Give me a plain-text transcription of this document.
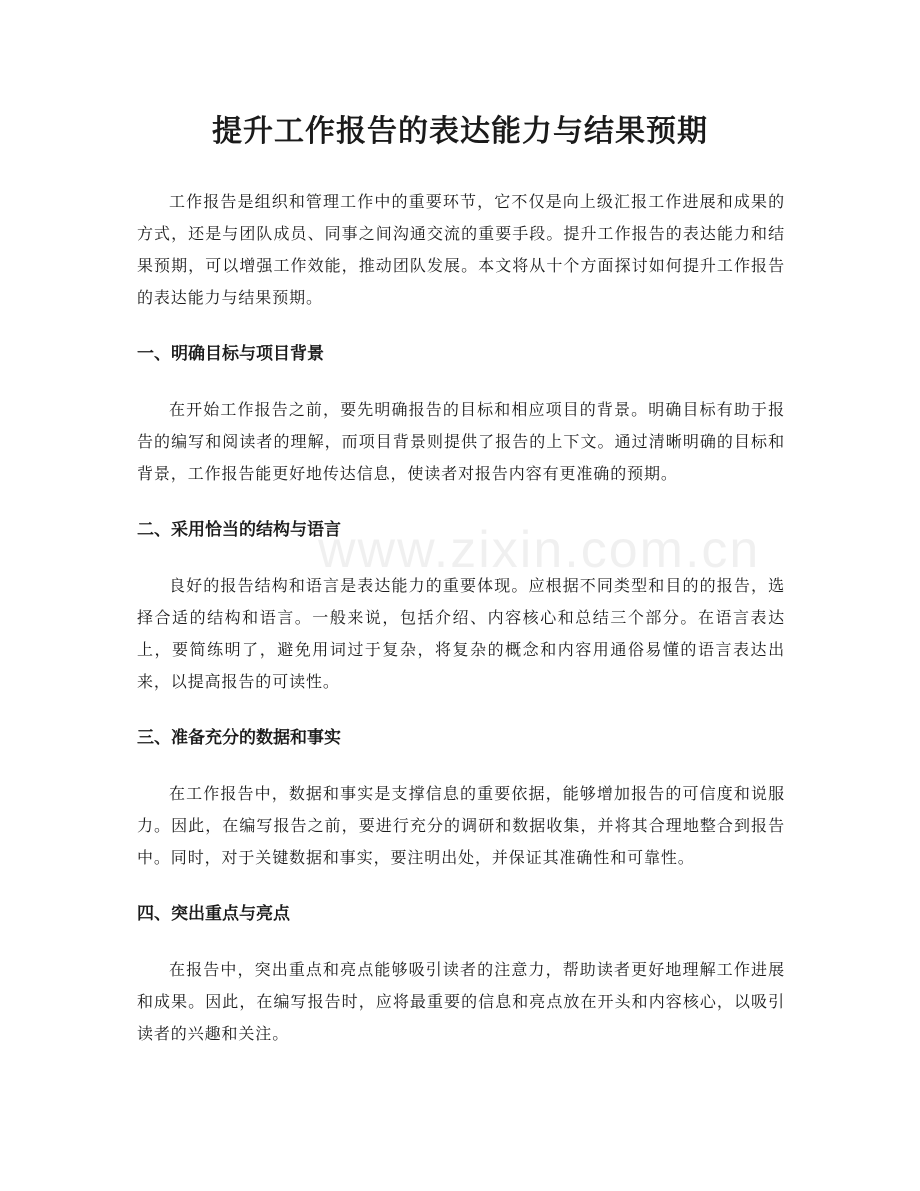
提升工作报告的表达能力与结果预期

工作报告是组织和管理工作中的重要环节，它不仅是向上级汇报工作进展和成果的方式，还是与团队成员、同事之间沟通交流的重要手段。提升工作报告的表达能力和结果预期，可以增强工作效能，推动团队发展。本文将从十个方面探讨如何提升工作报告的表达能力与结果预期。

一、明确目标与项目背景

在开始工作报告之前，要先明确报告的目标和相应项目的背景。明确目标有助于报告的编写和阅读者的理解，而项目背景则提供了报告的上下文。通过清晰明确的目标和背景，工作报告能更好地传达信息，使读者对报告内容有更准确的预期。

二、采用恰当的结构与语言

良好的报告结构和语言是表达能力的重要体现。应根据不同类型和目的的报告，选择合适的结构和语言。一般来说，包括介绍、内容核心和总结三个部分。在语言表达上，要简练明了，避免用词过于复杂，将复杂的概念和内容用通俗易懂的语言表达出来，以提高报告的可读性。

三、准备充分的数据和事实

在工作报告中，数据和事实是支撑信息的重要依据，能够增加报告的可信度和说服力。因此，在编写报告之前，要进行充分的调研和数据收集，并将其合理地整合到报告中。同时，对于关键数据和事实，要注明出处，并保证其准确性和可靠性。

四、突出重点与亮点

在报告中，突出重点和亮点能够吸引读者的注意力，帮助读者更好地理解工作进展和成果。因此，在编写报告时，应将最重要的信息和亮点放在开头和内容核心，以吸引读者的兴趣和关注。

www.zixin.com.cn
